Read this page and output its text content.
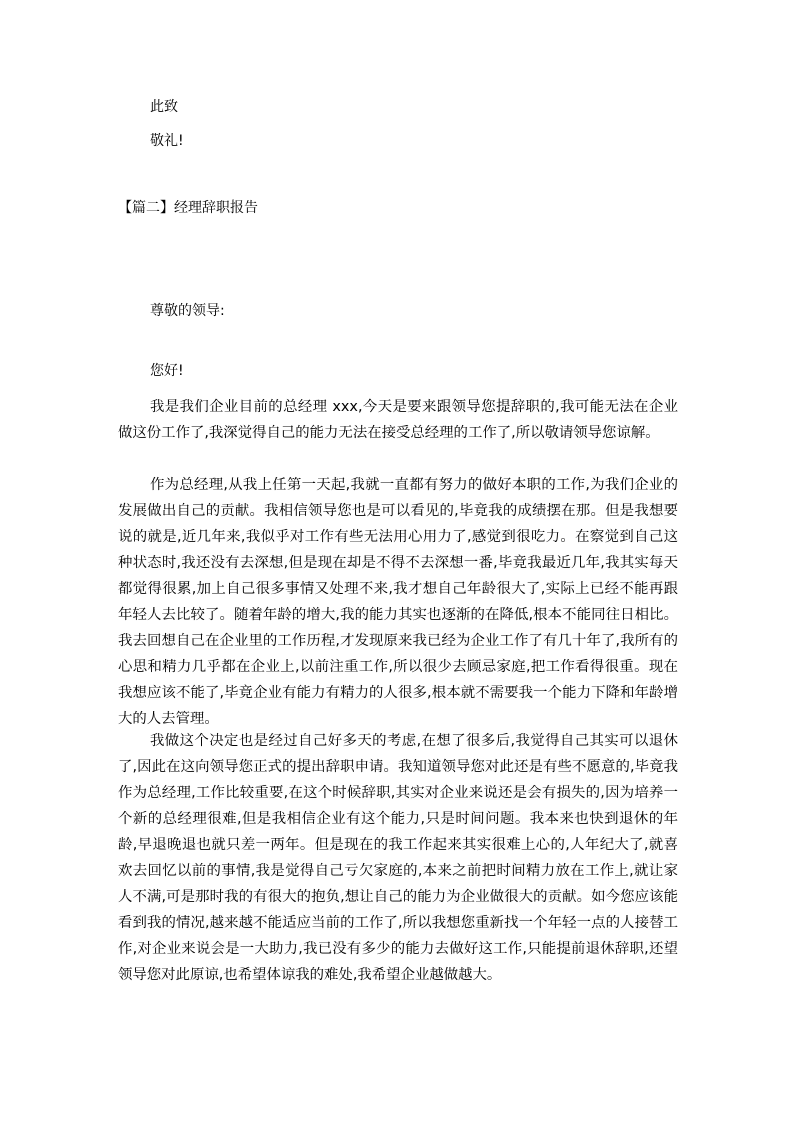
此致
敬礼!
【篇二】经理辞职报告
尊敬的领导:
您好!

我是我们企业目前的总经理 xxx,今天是要来跟领导您提辞职的,我可能无法在企业做这份工作了,我深觉得自己的能力无法在接受总经理的工作了,所以敬请领导您谅解。

作为总经理,从我上任第一天起,我就一直都有努力的做好本职的工作,为我们企业的发展做出自己的贡献。我相信领导您也是可以看见的,毕竟我的成绩摆在那。但是我想要说的就是,近几年来,我似乎对工作有些无法用心用力了,感觉到很吃力。在察觉到自己这种状态时,我还没有去深想,但是现在却是不得不去深想一番,毕竟我最近几年,我其实每天都觉得很累,加上自己很多事情又处理不来,我才想自己年龄很大了,实际上已经不能再跟年轻人去比较了。随着年龄的增大,我的能力其实也逐渐的在降低,根本不能同往日相比。我去回想自己在企业里的工作历程,才发现原来我已经为企业工作了有几十年了,我所有的心思和精力几乎都在企业上,以前注重工作,所以很少去顾忌家庭,把工作看得很重。现在我想应该不能了,毕竟企业有能力有精力的人很多,根本就不需要我一个能力下降和年龄增大的人去管理。

我做这个决定也是经过自己好多天的考虑,在想了很多后,我觉得自己其实可以退休了,因此在这向领导您正式的提出辞职申请。我知道领导您对此还是有些不愿意的,毕竟我作为总经理,工作比较重要,在这个时候辞职,其实对企业来说还是会有损失的,因为培养一个新的总经理很难,但是我相信企业有这个能力,只是时间问题。我本来也快到退休的年龄,早退晚退也就只差一两年。但是现在的我工作起来其实很难上心的,人年纪大了,就喜欢去回忆以前的事情,我是觉得自己亏欠家庭的,本来之前把时间精力放在工作上,就让家人不满,可是那时我的有很大的抱负,想让自己的能力为企业做很大的贡献。如今您应该能看到我的情况,越来越不能适应当前的工作了,所以我想您重新找一个年轻一点的人接替工作,对企业来说会是一大助力,我已没有多少的能力去做好这工作,只能提前退休辞职,还望领导您对此原谅,也希望体谅我的难处,我希望企业越做越大。
